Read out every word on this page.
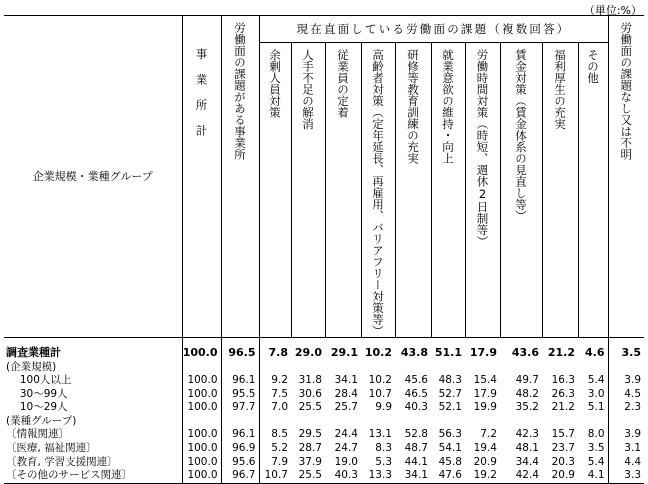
（単位:%）
企業規模・業種グループ	事業所計	労働面の課題がある事業所	現在直面している労働面の課題（複数回答）										労働面の課題なし又は不明

			余剰人員対策	人手不足の解消	従業員の定着	高齢者対策（定年延長、再雇用、バリアフリー対策等）	研修等教育訓練の充実	就業意欲の維持・向上	労働時間対策（時短、週休2日制等）	賃金対策（賃金体系の見直し等）	福利厚生の充実	その他	

調査業種計	100.0	96.5	7.8	29.0	29.1	10.2	43.8	51.1	17.9	43.6	21.2	4.6	3.5
(企業規模)													
　 100人以上	100.0	96.1	9.2	31.8	34.1	10.2	45.6	48.3	15.4	49.7	16.3	5.4	3.9
　 30～99人	100.0	95.5	7.5	30.6	28.4	10.7	46.5	52.7	17.9	48.2	26.3	3.0	4.5
　 10～29人	100.0	97.7	7.0	25.5	25.7	9.9	40.3	52.1	19.9	35.2	21.2	5.1	2.3
(業種グループ)													
〔情報関連〕	100.0	96.1	8.5	29.5	24.4	13.1	52.8	56.3	7.2	42.3	15.7	8.0	3.9
〔医療, 福祉関連〕	100.0	96.9	5.2	28.7	24.7	8.3	48.7	54.1	19.4	48.1	23.7	3.5	3.1
〔教育, 学習支援関連〕	100.0	95.6	7.9	37.9	19.0	5.3	44.1	45.8	20.9	34.4	20.3	5.4	4.4
〔その他のサービス関連〕	100.0	96.7	10.7	25.5	40.3	13.3	34.1	47.6	19.2	42.4	20.9	4.1	3.3
